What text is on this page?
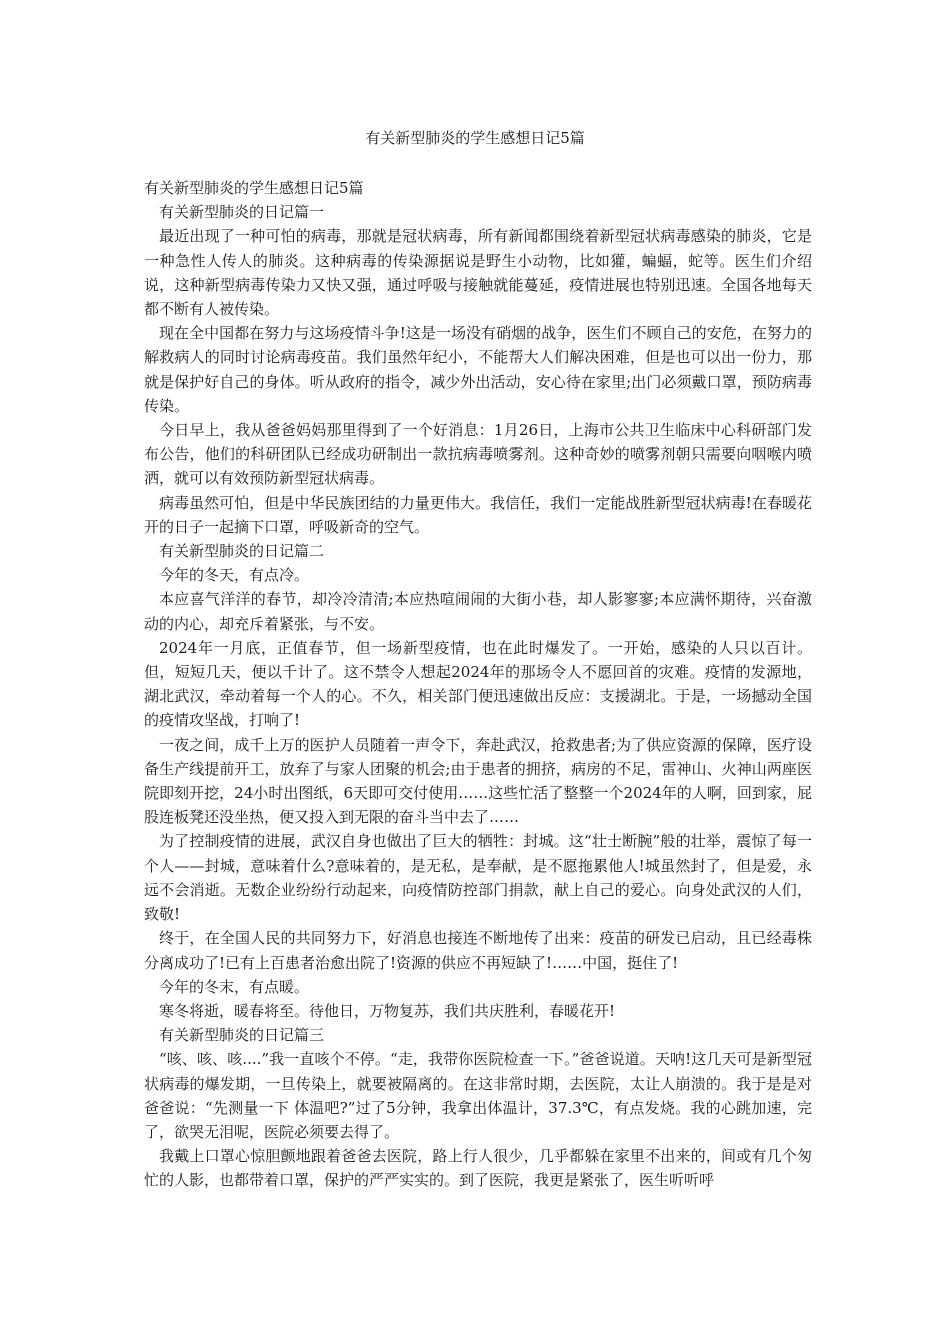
有关新型肺炎的学生感想日记5篇

有关新型肺炎的学生感想日记5篇

有关新型肺炎的日记篇一

最近出现了一种可怕的病毒，那就是冠状病毒，所有新闻都围绕着新型冠状病毒感染的肺炎，它是一种急性人传人的肺炎。这种病毒的传染源据说是野生小动物，比如獾，蝙蝠，蛇等。医生们介绍说，这种新型病毒传染力又快又强，通过呼吸与接触就能蔓延，疫情进展也特别迅速。全国各地每天都不断有人被传染。

现在全中国都在努力与这场疫情斗争!这是一场没有硝烟的战争，医生们不顾自己的安危，在努力的解救病人的同时讨论病毒疫苗。我们虽然年纪小，不能帮大人们解决困难，但是也可以出一份力，那就是保护好自己的身体。听从政府的指令，减少外出活动，安心待在家里;出门必须戴口罩，预防病毒传染。

今日早上，我从爸爸妈妈那里得到了一个好消息：1月26日，上海市公共卫生临床中心科研部门发布公告，他们的科研团队已经成功研制出一款抗病毒喷雾剂。这种奇妙的喷雾剂朝只需要向咽喉内喷洒，就可以有效预防新型冠状病毒。

病毒虽然可怕，但是中华民族团结的力量更伟大。我信任，我们一定能战胜新型冠状病毒!在春暖花开的日子一起摘下口罩，呼吸新奇的空气。

有关新型肺炎的日记篇二

今年的冬天，有点冷。

本应喜气洋洋的春节，却冷冷清清;本应热喧闹闹的大街小巷，却人影寥寥;本应满怀期待，兴奋激动的内心，却充斥着紧张，与不安。

2024年一月底，正值春节，但一场新型疫情，也在此时爆发了。一开始，感染的人只以百计。但，短短几天，便以千计了。这不禁令人想起2024年的那场令人不愿回首的灾难。疫情的发源地，湖北武汉，牵动着每一个人的心。不久，相关部门便迅速做出反应：支援湖北。于是，一场撼动全国的疫情攻坚战，打响了!

一夜之间，成千上万的医护人员随着一声令下，奔赴武汉，抢救患者;为了供应资源的保障，医疗设备生产线提前开工，放弃了与家人团聚的机会;由于患者的拥挤，病房的不足，雷神山、火神山两座医院即刻开挖，24小时出图纸，6天即可交付使用……这些忙活了整整一个2024年的人啊，回到家，屁股连板凳还没坐热，便又投入到无限的奋斗当中去了……

为了控制疫情的进展，武汉自身也做出了巨大的牺牲：封城。这“壮士断腕”般的壮举，震惊了每一个人——封城，意味着什么?意味着的，是无私，是奉献，是不愿拖累他人!城虽然封了，但是爱，永远不会消逝。无数企业纷纷行动起来，向疫情防控部门捐款，献上自己的爱心。向身处武汉的人们，致敬!

终于，在全国人民的共同努力下，好消息也接连不断地传了出来：疫苗的研发已启动，且已经毒株分离成功了!已有上百患者治愈出院了!资源的供应不再短缺了!……中国，挺住了!

今年的冬末，有点暖。

寒冬将逝，暖春将至。待他日，万物复苏，我们共庆胜利，春暖花开!

有关新型肺炎的日记篇三

“咳、咳、咳....”我一直咳个不停。“走，我带你医院检查一下。”爸爸说道。天呐!这几天可是新型冠状病毒的爆发期，一旦传染上，就要被隔离的。在这非常时期，去医院，太让人崩溃的。我于是是对爸爸说：“先测量一下 体温吧?”过了5分钟，我拿出体温计，37.3℃，有点发烧。我的心跳加速，完了，欲哭无泪呢，医院必须要去得了。

我戴上口罩心惊胆颤地跟着爸爸去医院，路上行人很少，几乎都躲在家里不出来的，间或有几个匆忙的人影，也都带着口罩，保护的严严实实的。到了医院，我更是紧张了，医生听听呼
